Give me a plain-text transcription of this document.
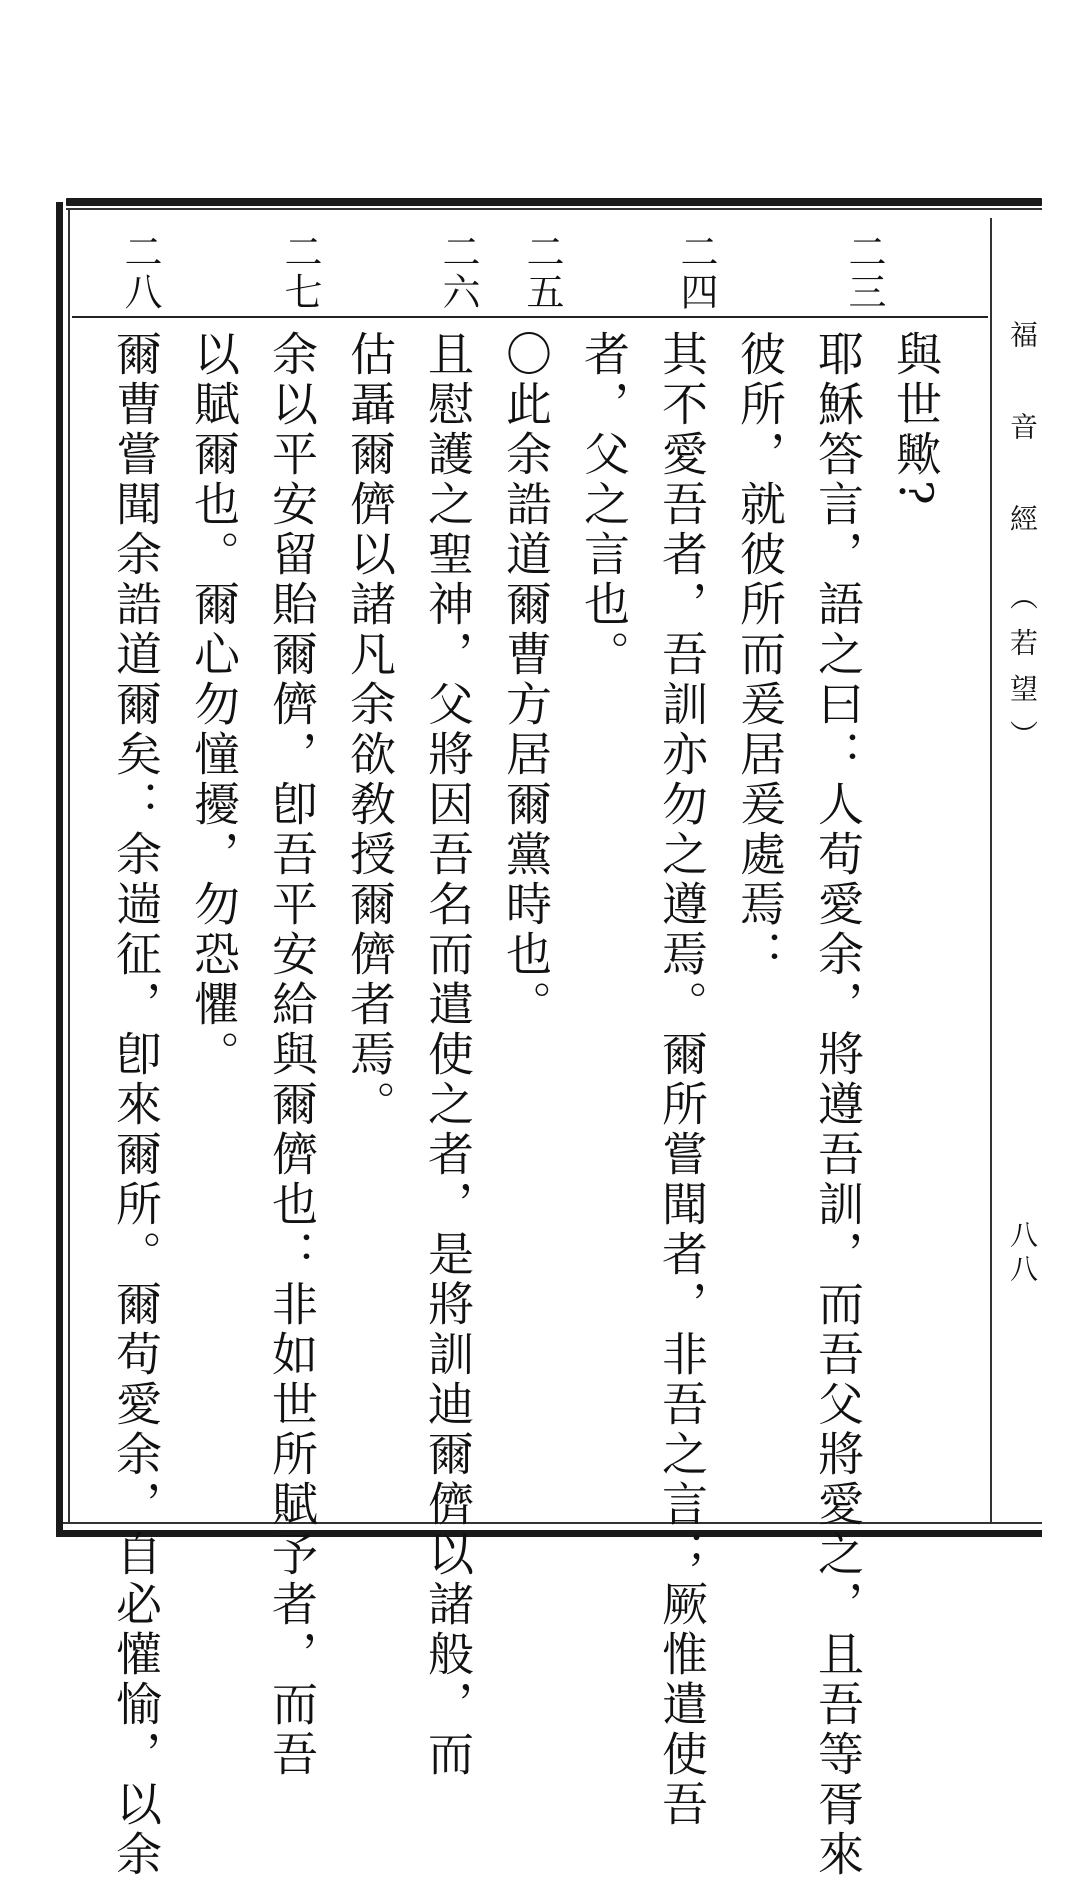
二三
二四
二五
二六
二七
二八
與世歟?
耶穌答言，語之曰：人苟愛余，將遵吾訓，而吾父將愛之，且吾等胥來
彼所，就彼所而爰居爰處焉：
其不愛吾者，吾訓亦勿之遵焉。爾所嘗聞者，非吾之言；厥惟遣使吾
者，父之言也。
〇此余誥道爾曹方居爾黨時也。
且慰護之聖神，父將因吾名而遣使之者，是將訓迪爾儕以諸般，而
估聶爾儕以諸凡余欲敎授爾儕者焉。
余以平安留貽爾儕，卽吾平安給與爾儕也：非如世所賦予者，而吾
以賦爾也。爾心勿憧擾，勿恐懼。
爾曹嘗聞余誥道爾矣：余遄征，卽來爾所。爾苟愛余，自必懽愉，以余	福　音　經　（若望）
八八
